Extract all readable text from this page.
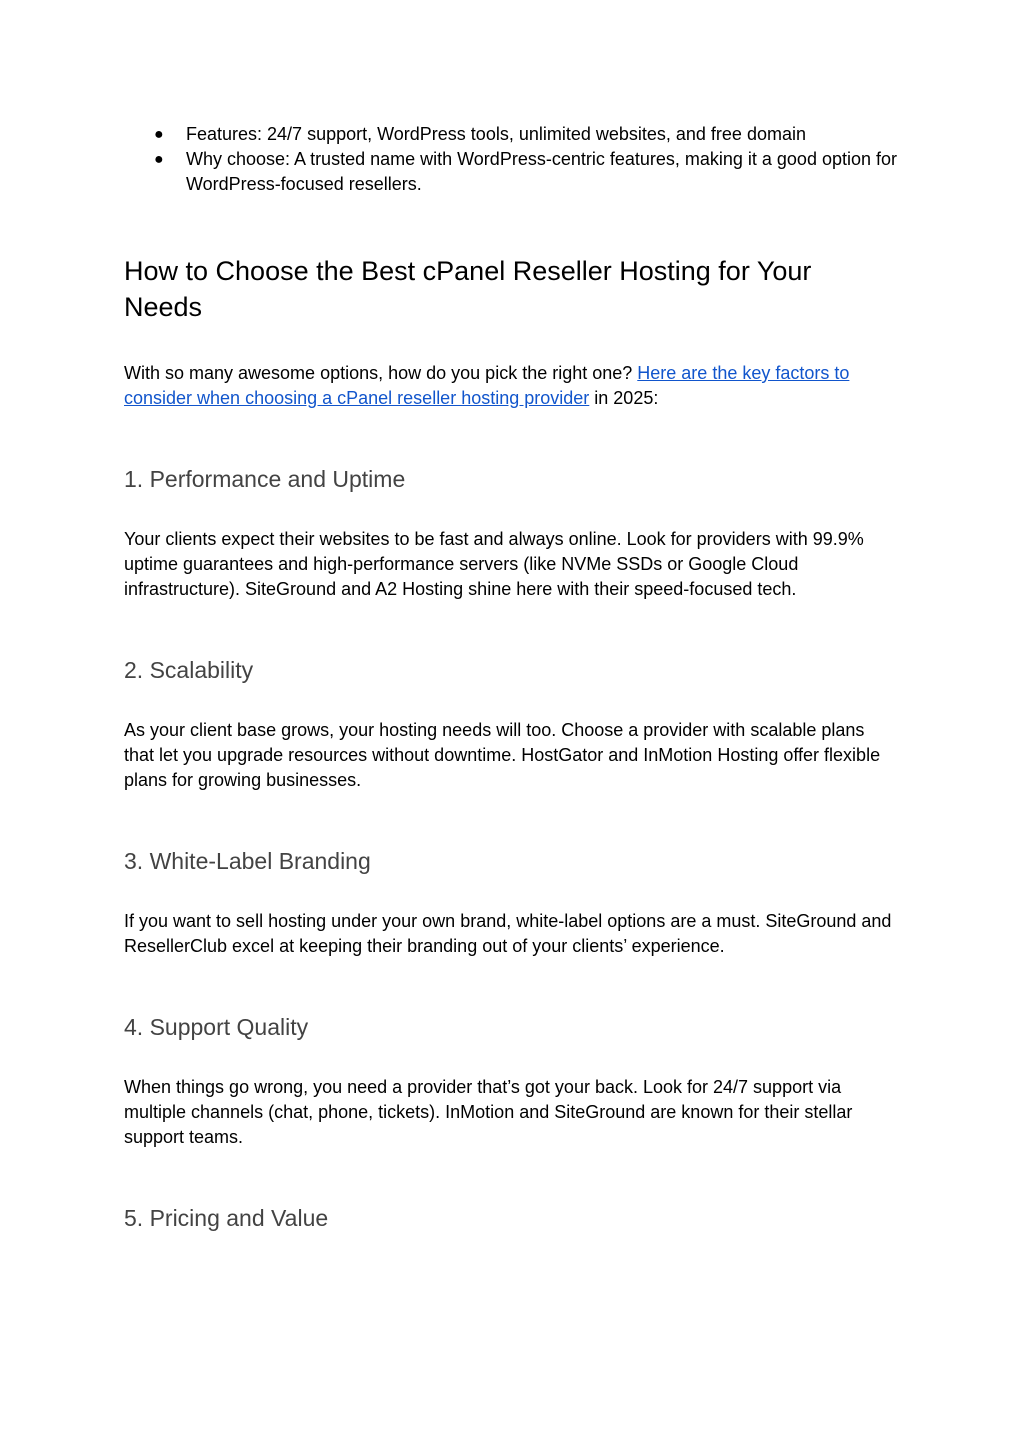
● Features: 24/7 support, WordPress tools, unlimited websites, and free domain
● Why choose: A trusted name with WordPress-centric features, making it a good option for WordPress-focused resellers.
How to Choose the Best cPanel Reseller Hosting for Your Needs

With so many awesome options, how do you pick the right one? Here are the key factors to consider when choosing a cPanel reseller hosting provider in 2025:

1. Performance and Uptime

Your clients expect their websites to be fast and always online. Look for providers with 99.9% uptime guarantees and high-performance servers (like NVMe SSDs or Google Cloud infrastructure). SiteGround and A2 Hosting shine here with their speed-focused tech.

2. Scalability

As your client base grows, your hosting needs will too. Choose a provider with scalable plans that let you upgrade resources without downtime. HostGator and InMotion Hosting offer flexible plans for growing businesses.

3. White-Label Branding

If you want to sell hosting under your own brand, white-label options are a must. SiteGround and ResellerClub excel at keeping their branding out of your clients’ experience.

4. Support Quality

When things go wrong, you need a provider that’s got your back. Look for 24/7 support via multiple channels (chat, phone, tickets). InMotion and SiteGround are known for their stellar support teams.

5. Pricing and Value
